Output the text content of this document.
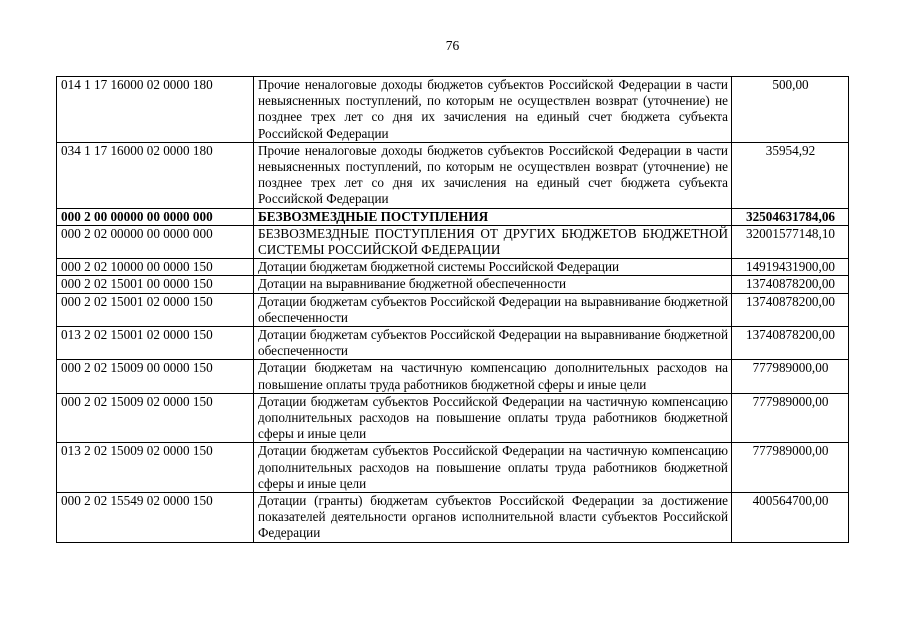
76
014 1 17 16000 02 0000 180	Прочие неналоговые доходы бюджетов субъектов Российской Федерации в части невыясненных поступлений, по которым не осуществлен возврат (уточнение) не позднее трех лет со дня их зачисления на единый счет бюджета субъекта Российской Федерации	500,00
034 1 17 16000 02 0000 180	Прочие неналоговые доходы бюджетов субъектов Российской Федерации в части невыясненных поступлений, по которым не осуществлен возврат (уточнение) не позднее трех лет со дня их зачисления на единый счет бюджета субъекта Российской Федерации	35954,92
000 2 00 00000 00 0000 000	БЕЗВОЗМЕЗДНЫЕ ПОСТУПЛЕНИЯ	32504631784,06
000 2 02 00000 00 0000 000	БЕЗВОЗМЕЗДНЫЕ ПОСТУПЛЕНИЯ ОТ ДРУГИХ БЮДЖЕТОВ БЮДЖЕТНОЙ СИСТЕМЫ РОССИЙСКОЙ ФЕДЕРАЦИИ	32001577148,10
000 2 02 10000 00 0000 150	Дотации бюджетам бюджетной системы Российской Федерации	14919431900,00
000 2 02 15001 00 0000 150	Дотации на выравнивание бюджетной обеспеченности	13740878200,00
000 2 02 15001 02 0000 150	Дотации бюджетам субъектов Российской Федерации на выравнивание бюджетной обеспеченности	13740878200,00
013 2 02 15001 02 0000 150	Дотации бюджетам субъектов Российской Федерации на выравнивание бюджетной обеспеченности	13740878200,00
000 2 02 15009 00 0000 150	Дотации бюджетам на частичную компенсацию дополнительных расходов на повышение оплаты труда работников бюджетной сферы и иные цели	777989000,00
000 2 02 15009 02 0000 150	Дотации бюджетам субъектов Российской Федерации на частичную компенсацию дополнительных расходов на повышение оплаты труда работников бюджетной сферы и иные цели	777989000,00
013 2 02 15009 02 0000 150	Дотации бюджетам субъектов Российской Федерации на частичную компенсацию дополнительных расходов на повышение оплаты труда работников бюджетной сферы и иные цели	777989000,00
000 2 02 15549 02 0000 150	Дотации (гранты) бюджетам субъектов Российской Федерации за достижение показателей деятельности органов исполнительной власти субъектов Российской Федерации	400564700,00
